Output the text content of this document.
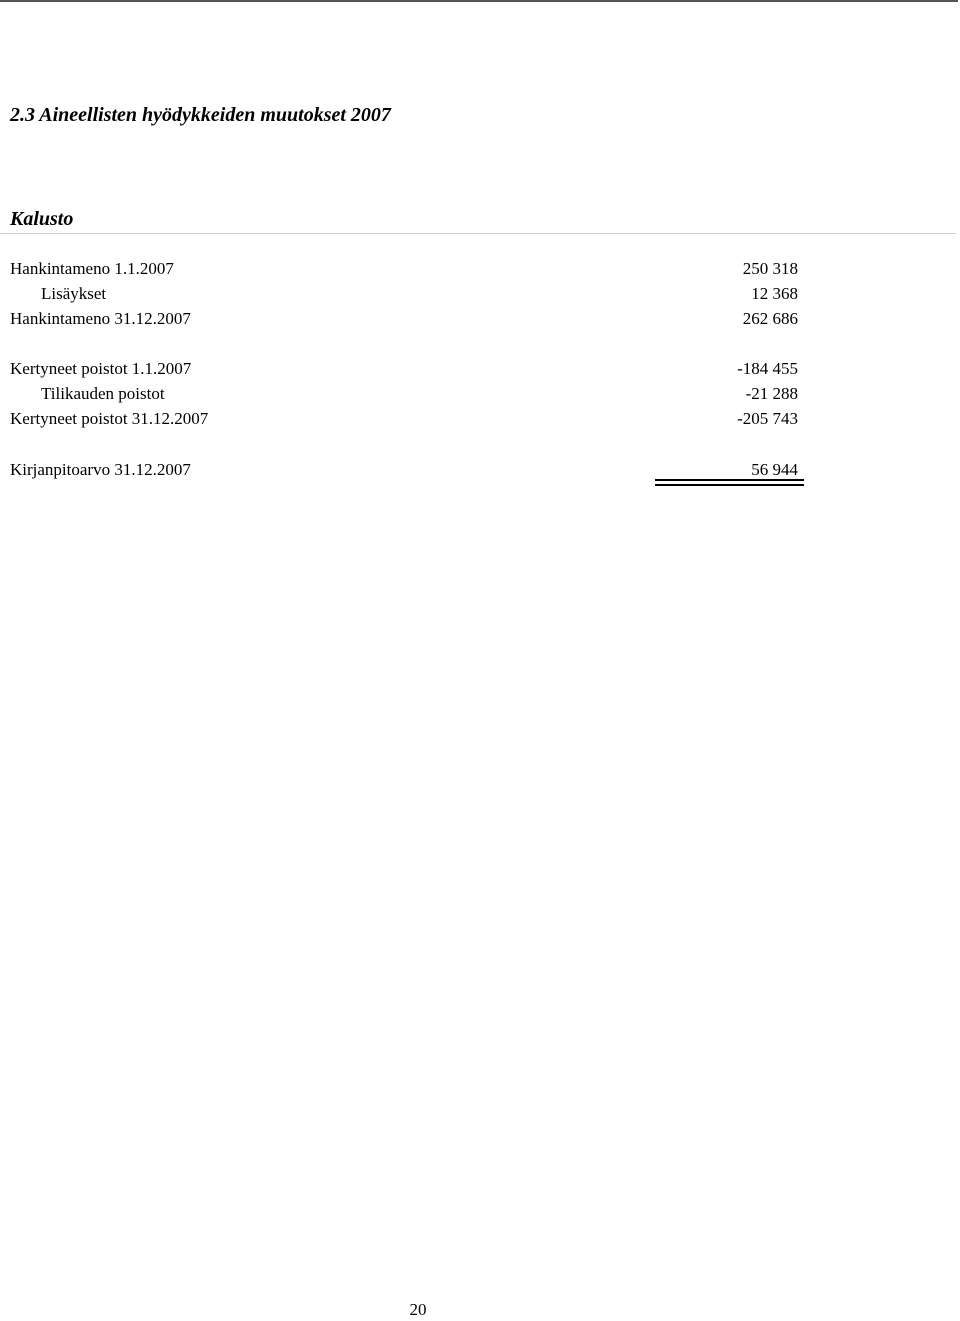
2.3 Aineellisten hyödykkeiden muutokset 2007
Kalusto
Hankintameno 1.1.2007	250 318
Lisäykset	12 368
Hankintameno 31.12.2007	262 686
Kertyneet poistot 1.1.2007	-184 455
Tilikauden poistot	-21 288
Kertyneet poistot 31.12.2007	-205 743
Kirjanpitoarvo 31.12.2007	56 944
20
